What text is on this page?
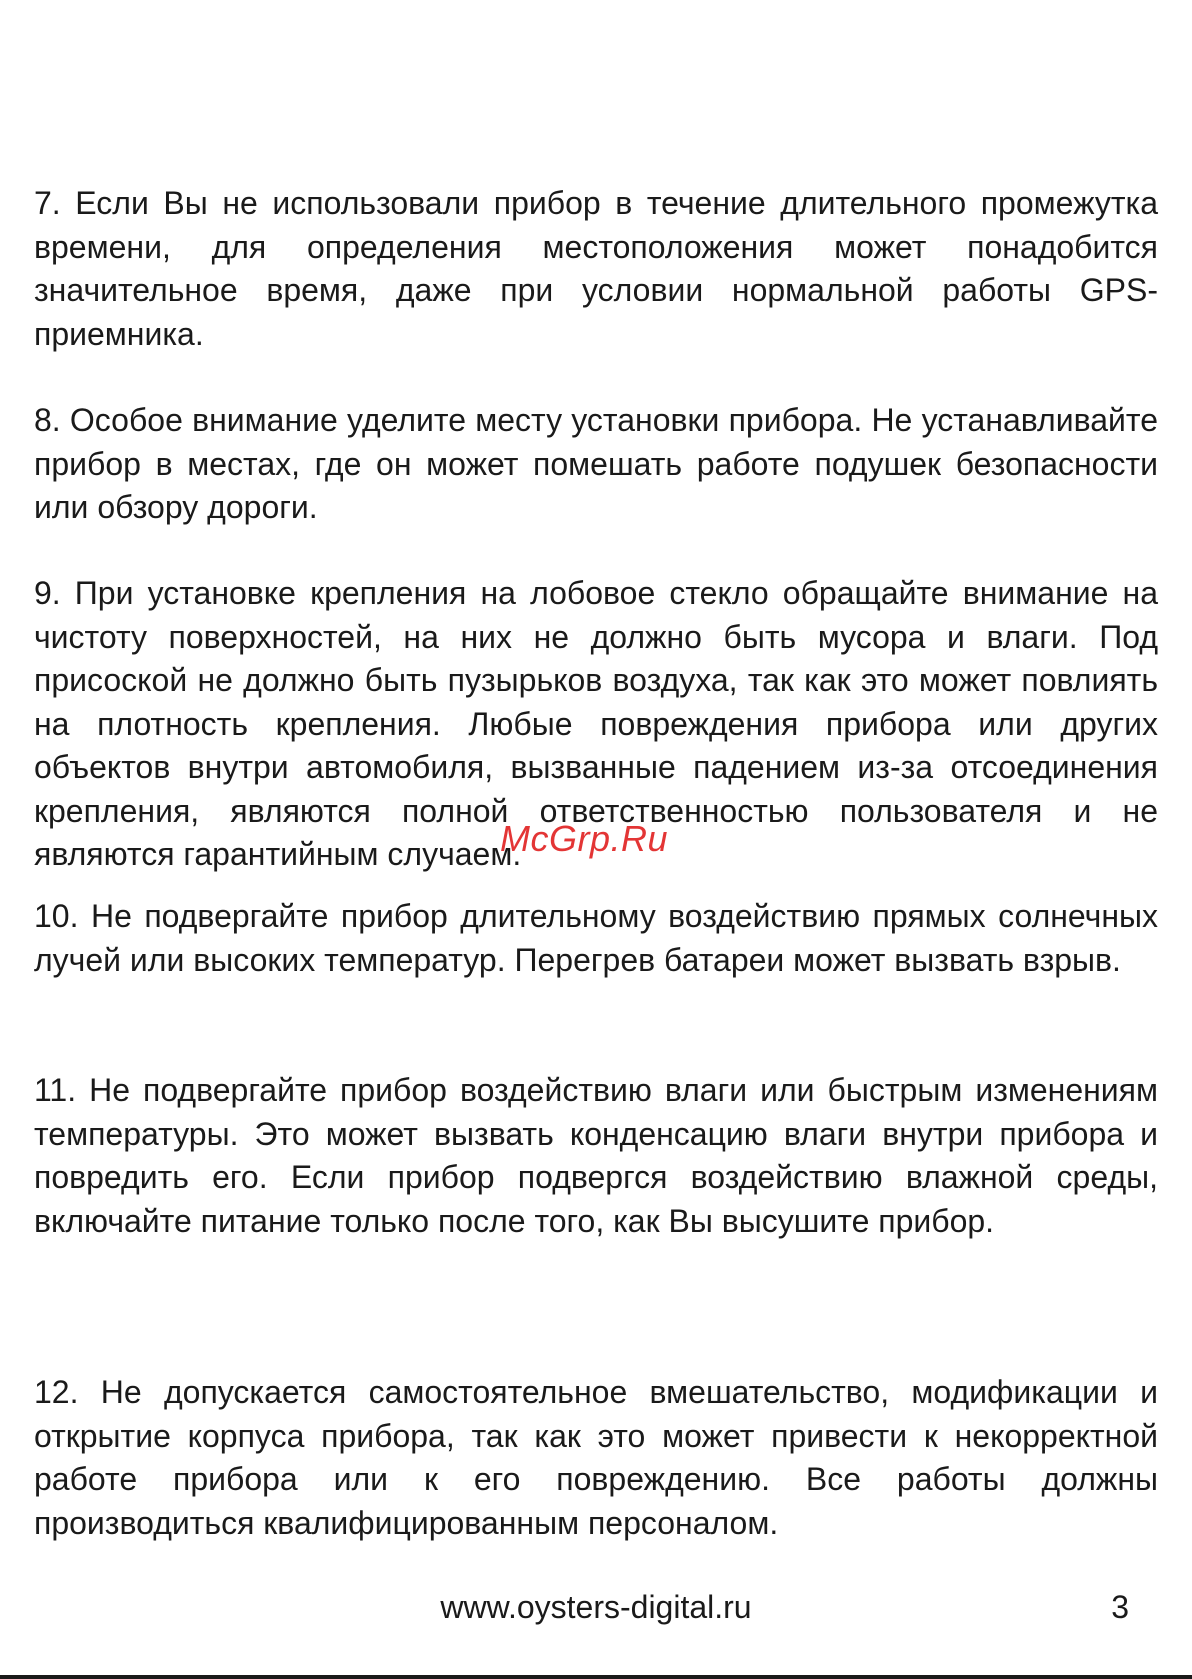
7. Если Вы не использовали прибор в течение длительного промежутка времени, для определения местоположения может понадобится значительное время, даже при условии нормальной работы GPS-приемника.

8. Особое внимание уделите месту установки прибора. Не устанавливайте прибор в местах, где он может помешать работе подушек безопасности или обзору дороги.

9. При установке крепления на лобовое стекло обращайте внимание на чистоту поверхностей, на них не должно быть мусора и влаги. Под присоской не должно быть пузырьков воздуха, так как это может повлиять на плотность крепления. Любые повреждения прибора или других объектов внутри автомобиля, вызванные падением из-за отсоединения крепления, являются полной ответственностью пользователя и не являются гарантийным случаем.

10. Не подвергайте прибор длительному воздействию прямых солнечных лучей или высоких температур. Перегрев батареи может вызвать взрыв.

11. Не подвергайте прибор воздействию влаги или быстрым изменениям температуры. Это может вызвать конденсацию влаги внутри прибора и повредить его. Если прибор подвергся воздействию влажной среды, включайте питание только после того, как Вы высушите прибор.

12. Не допускается самостоятельное вмешательство, модификации и открытие корпуса прибора, так как это может привести к некорректной работе прибора или к его повреждению. Все работы должны производиться квалифицированным персоналом.

McGrp.Ru
www.oysters-digital.ru	3
